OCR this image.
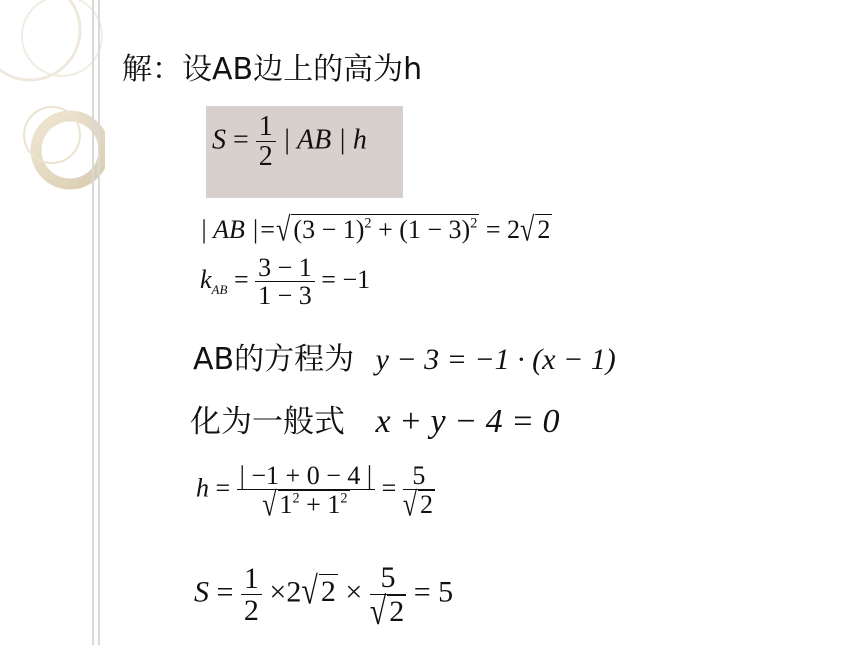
解：设AB边上的高为h
$S = \frac{1}{2}$ | AB | h
| AB |=√ $(3 - 1)^2 + (1 - 3)^2 = 2√$ 2
$k_{AB} = \frac{3 - 1}{1 - 3} = -1$
AB的方程为 y − 3 = −1 · (x − 1)
化为一般式 x + y − 4 = 0
$h = \frac{| -1 + 0 - 4 |}{√ 1^2 + 1^2} = \frac{5}{√ 2}$
$S = \frac{1}{2} \times 2√$ $2 \times \frac{5}{√ 2} = 5$
